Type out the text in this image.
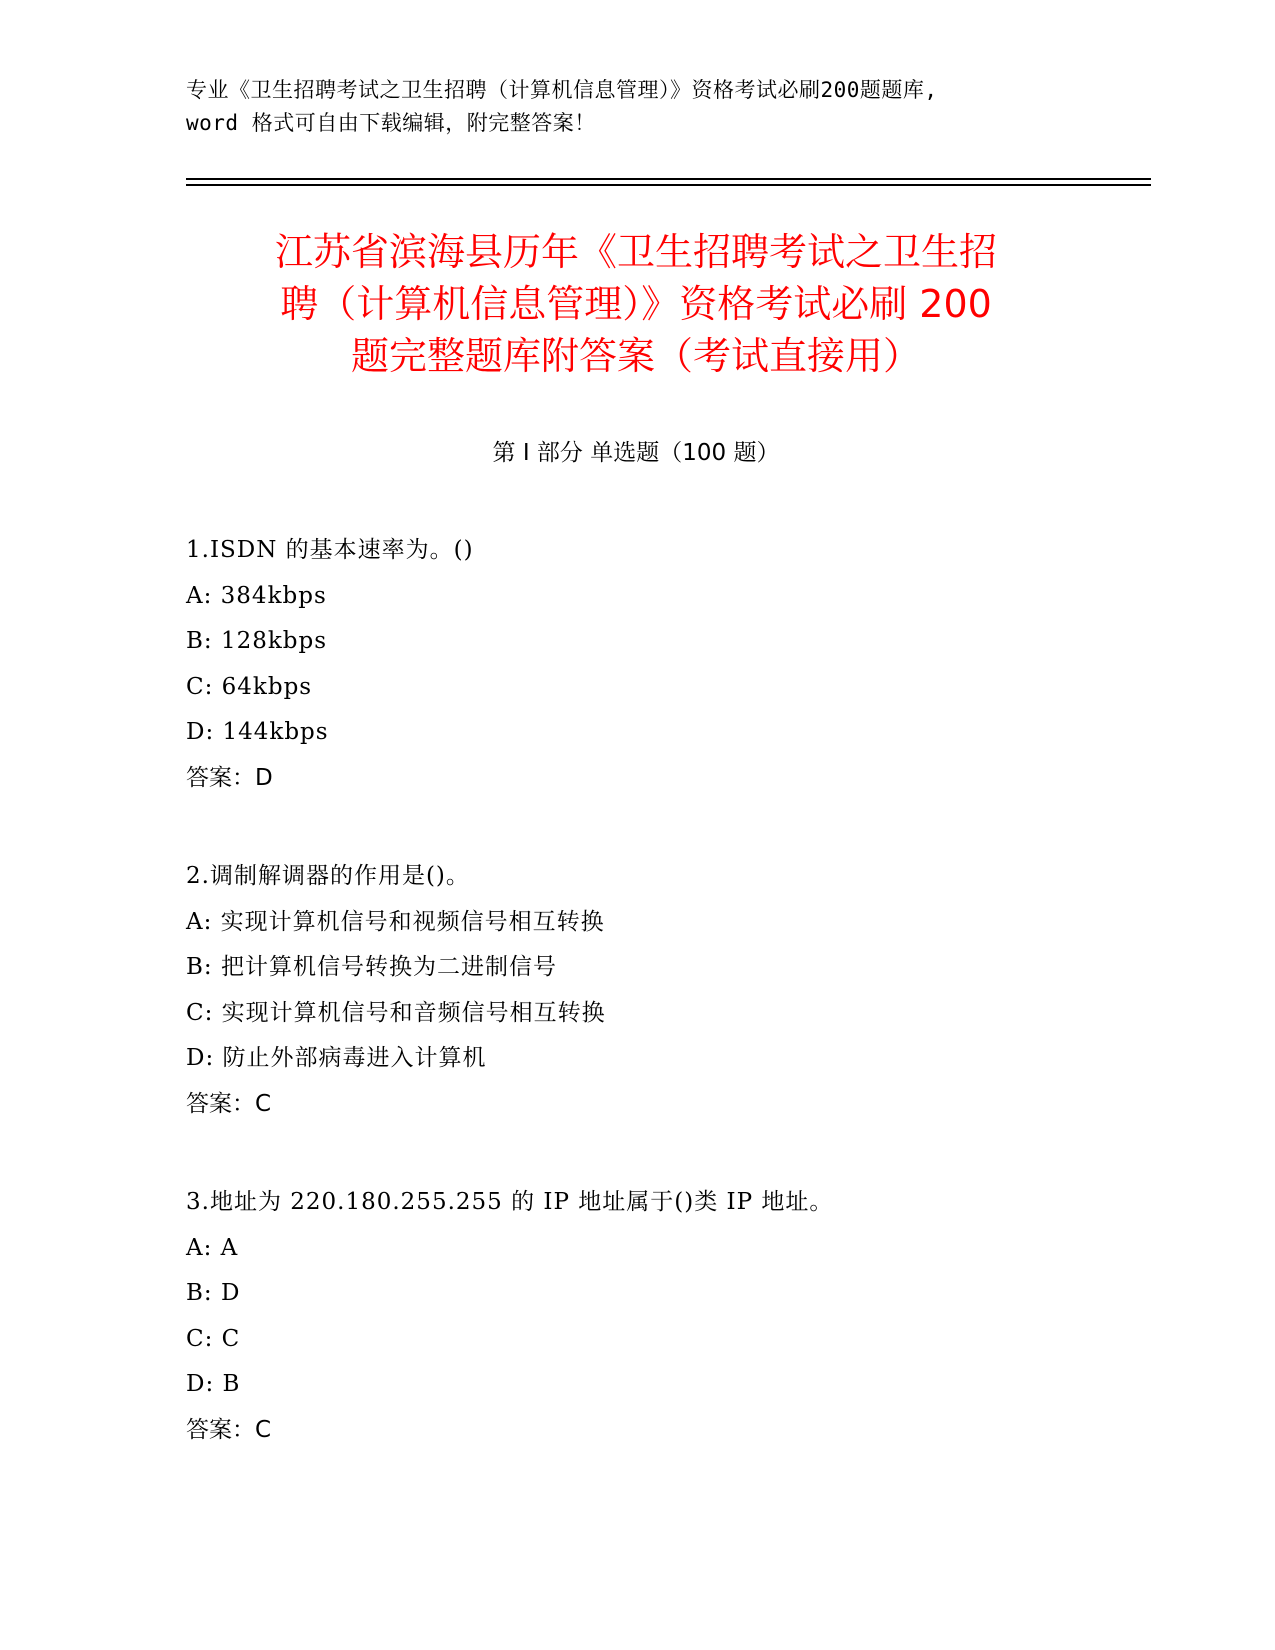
专业《卫生招聘考试之卫生招聘（计算机信息管理）》资格考试必刷200题题库,
word 格式可自由下载编辑，附完整答案！
江苏省滨海县历年《卫生招聘考试之卫生招
聘（计算机信息管理）》资格考试必刷 200
题完整题库附答案（考试直接用）
第 I 部分 单选题（100 题）
1.ISDN 的基本速率为。()
A: 384kbps
B: 128kbps
C: 64kbps
D: 144kbps
答案：D
2.调制解调器的作用是()。
A: 实现计算机信号和视频信号相互转换
B: 把计算机信号转换为二进制信号
C: 实现计算机信号和音频信号相互转换
D: 防止外部病毒进入计算机
答案：C
3.地址为 220.180.255.255 的 IP 地址属于()类 IP 地址。
A: A
B: D
C: C
D: B
答案：C
